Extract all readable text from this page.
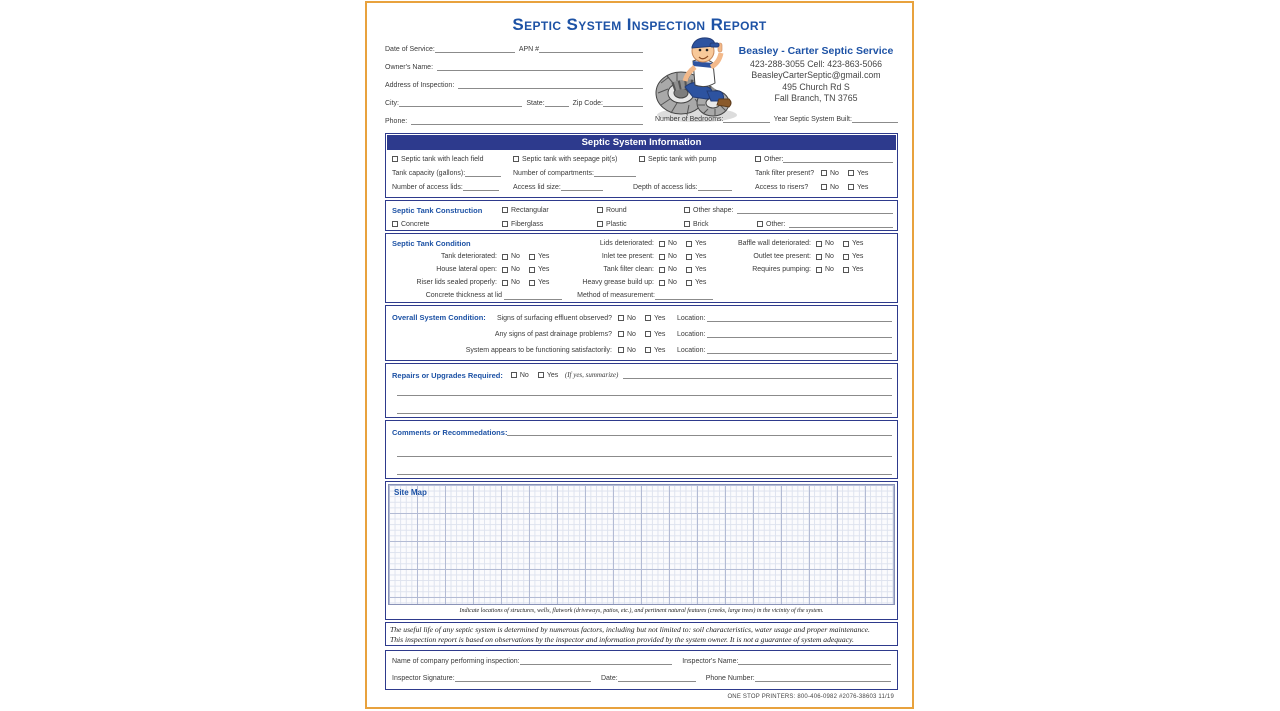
Septic System Inspection Report
Date of Service:	APN #
Owner's Name:
Address of Inspection:
City:	State:	Zip Code:
Phone:
Beasley - Carter Septic Service
423-288-3055 Cell: 423-863-5066
BeasleyCarterSeptic@gmail.com
495 Church Rd S
Fall Branch, TN 3765
Number of Bedrooms:	Year Septic System Built:
Septic System Information
Septic tank with leach field	Septic tank with seepage pit(s)	Septic tank with pump	Other:
Tank capacity (gallons):	Number of compartments:	Tank filter present?	No	Yes
Number of access lids:	Access lid size:	Depth of access lids:	Access to risers?	No	Yes
Septic Tank Construction	Rectangular	Round	Other shape:
Concrete	Fiberglass	Plastic	Brick	Other:
Septic Tank Condition	Lids deteriorated:	No	Yes	Baffle wall deteriorated:	No	Yes
Tank deteriorated:	No	Yes	Inlet tee present:	No	Yes	Outlet tee present:	No	Yes
House lateral open:	No	Yes	Tank filter clean:	No	Yes	Requires pumping:	No	Yes
Riser lids sealed properly:	No	Yes	Heavy grease build up:	No	Yes
Concrete thickness at lid	Method of measurement:
Overall System Condition:	Signs of surfacing effluent observed?	No	Yes Location:
Any signs of past drainage problems?	No	Yes Location:
System appears to be functioning satisfactorily:	No	Yes Location:
Repairs or Upgrades Required: No	Yes (If yes, summarize)
Comments or Recommedations:
Site Map
Indicate locations of structures, wells, flatwork (driveways, patios, etc.), and pertinent natural features (creeks, large trees) in the vicinity of the system.
The useful life of any septic system is determined by numerous factors, including but not limited to: soil characteristics, water usage and proper maintenance.
This inspection report is based on observations by the inspector and information provided by the system owner. It is not a guarantee of system adequacy.
Name of company performing inspection:	Inspector's Name:
Inspector Signature:	Date:	Phone Number:
ONE STOP PRINTERS: 800-406-0982 #2076-38603 11/19
